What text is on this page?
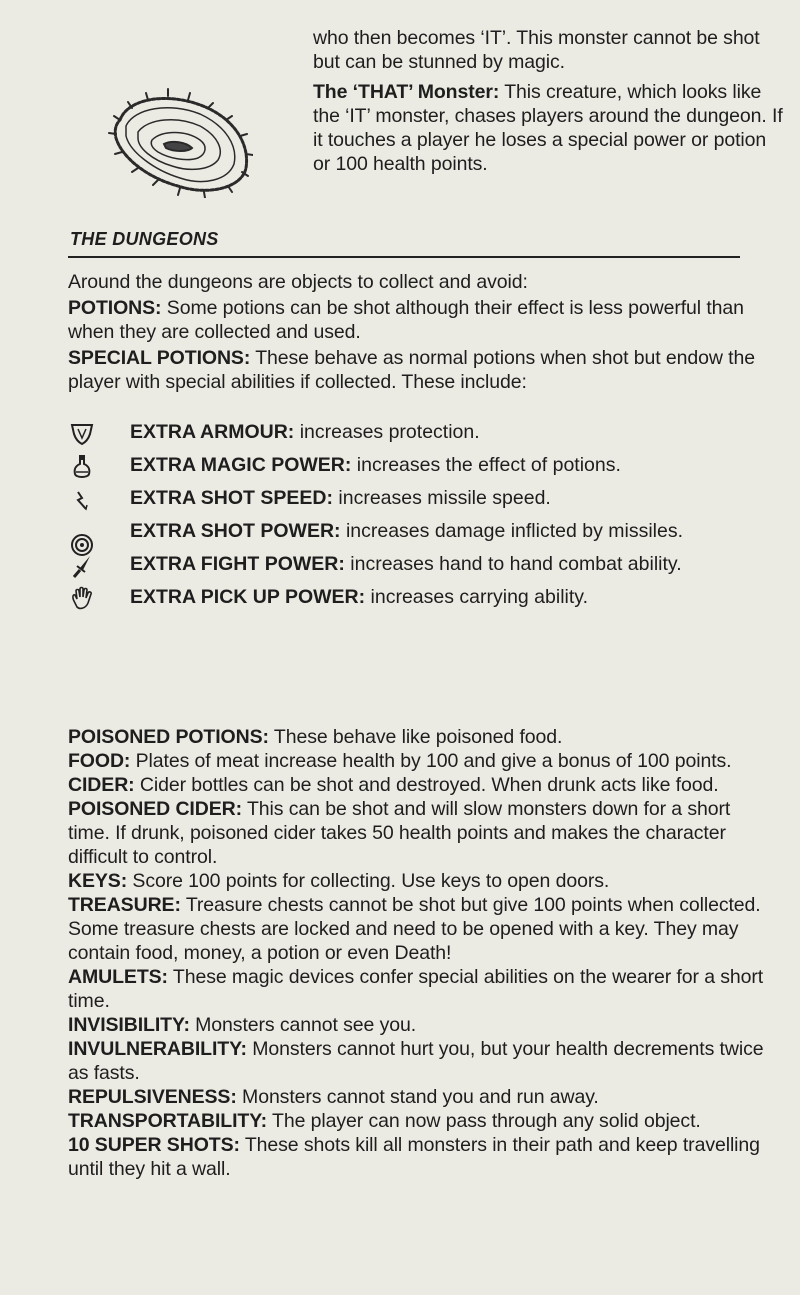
who then becomes ‘IT’. This monster cannot be shot but can be stunned by magic.

The ‘THAT’ Monster: This creature, which looks like the ‘IT’ monster, chases players around the dungeon. If it touches a player he loses a special power or potion or 100 health points.

THE DUNGEONS

Around the dungeons are objects to collect and avoid:

POTIONS: Some potions can be shot although their effect is less powerful than when they are collected and used.

SPECIAL POTIONS: These behave as normal potions when shot but endow the player with special abilities if collected. These include:

EXTRA ARMOUR: increases protection.
EXTRA MAGIC POWER: increases the effect of potions.
EXTRA SHOT SPEED: increases missile speed.
EXTRA SHOT POWER: increases damage inflicted by missiles.
EXTRA FIGHT POWER: increases hand to hand combat ability.
EXTRA PICK UP POWER: increases carrying ability.

POISONED POTIONS: These behave like poisoned food.

FOOD: Plates of meat increase health by 100 and give a bonus of 100 points.

CIDER: Cider bottles can be shot and destroyed. When drunk acts like food.

POISONED CIDER: This can be shot and will slow monsters down for a short time. If drunk, poisoned cider takes 50 health points and makes the character difficult to control.

KEYS: Score 100 points for collecting. Use keys to open doors.

TREASURE: Treasure chests cannot be shot but give 100 points when collected. Some treasure chests are locked and need to be opened with a key. They may contain food, money, a potion or even Death!

AMULETS: These magic devices confer special abilities on the wearer for a short time.

INVISIBILITY: Monsters cannot see you.

INVULNERABILITY: Monsters cannot hurt you, but your health decrements twice as fasts.

REPULSIVENESS: Monsters cannot stand you and run away.

TRANSPORTABILITY: The player can now pass through any solid object.

10 SUPER SHOTS: These shots kill all monsters in their path and keep travelling until they hit a wall.
